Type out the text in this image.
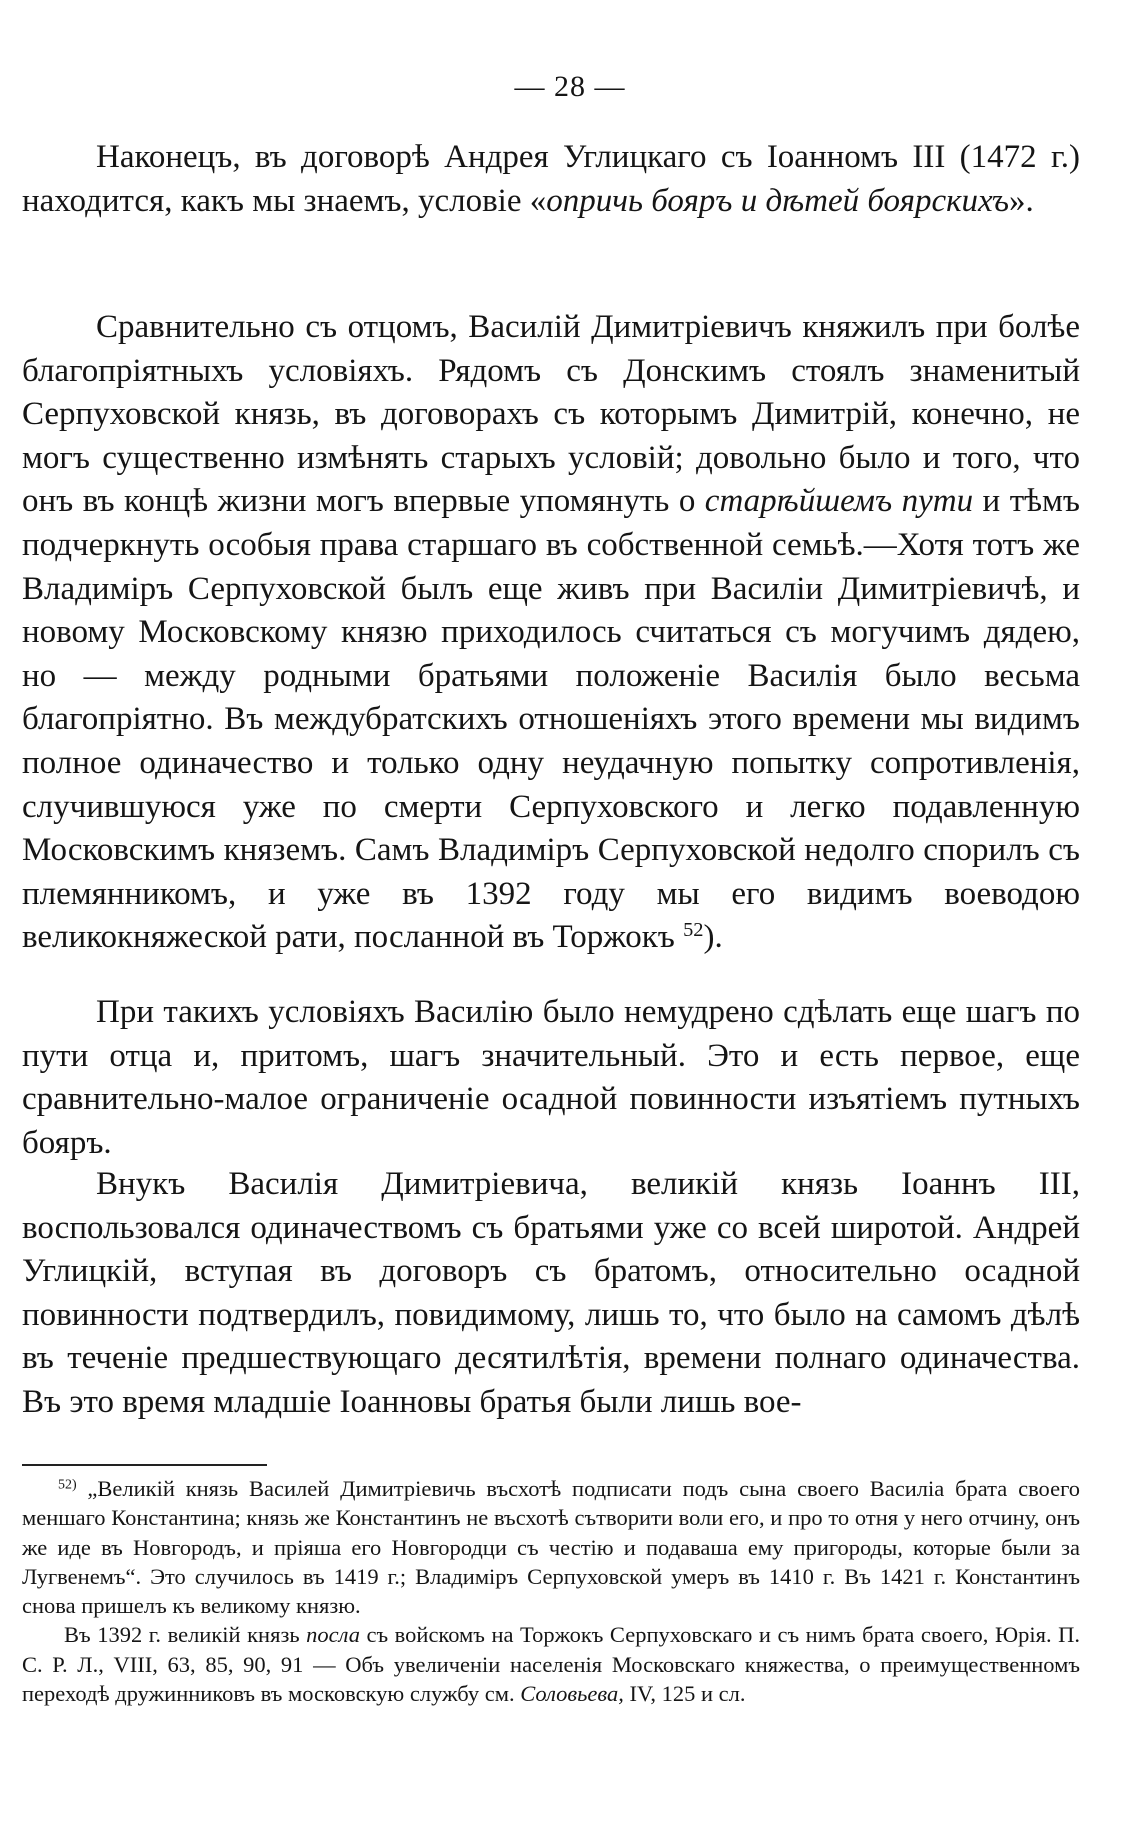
— 28 —

Наконецъ, въ договорѣ Андрея Углицкаго съ Іоанномъ III (1472 г.) находится, какъ мы знаемъ, условіе «опричь бояръ и дѣтей боярскихъ».

Сравнительно съ отцомъ, Василій Димитріевичъ княжилъ при болѣе благопріятныхъ условіяхъ. Рядомъ съ Донскимъ стоялъ знаменитый Серпуховской князь, въ договорахъ съ которымъ Димитрій, конечно, не могъ существенно измѣнять старыхъ условій; довольно было и того, что онъ въ концѣ жизни могъ впервые упомянуть о старѣйшемъ пути и тѣмъ подчеркнуть особыя права старшаго въ собственной семьѣ.—Хотя тотъ же Владиміръ Серпуховской былъ еще живъ при Василіи Димитріевичѣ, и новому Московскому князю приходилось считаться съ могучимъ дядею, но — между родными братьями положеніе Василія было весьма благопріятно. Въ междубратскихъ отношеніяхъ этого времени мы видимъ полное одиначество и только одну неудачную попытку сопротивленія, случившуюся уже по смерти Серпуховского и легко подавленную Московскимъ княземъ. Самъ Владиміръ Серпуховской недолго спорилъ съ племянникомъ, и уже въ 1392 году мы его видимъ воеводою великокняжеской рати, посланной въ Торжокъ $^{52}$).

При такихъ условіяхъ Василію было немудрено сдѣлать еще шагъ по пути отца и, притомъ, шагъ значительный. Это и есть первое, еще сравнительно-малое ограниченіе осадной повинности изъятіемъ путныхъ бояръ.

Внукъ Василія Димитріевича, великій князь Іоаннъ III, воспользовался одиначествомъ съ братьями уже со всей широтой. Андрей Углицкій, вступая въ договоръ съ братомъ, относительно осадной повинности подтвердилъ, повидимому, лишь то, что было на самомъ дѣлѣ въ теченіе предшествующаго десятилѣтія, времени полнаго одиначества. Въ это время младшіе Іоанновы братья были лишь вое-

$^{52)}$ „Великій князь Василей Димитріевичь въсхотѣ подписати подъ сына своего Василіа брата своего меншаго Константина; князь же Константинъ не въсхотѣ сътворити воли его, и про то отня у него отчину, онъ же иде въ Новгородъ, и пріяша его Новгородци съ честію и подаваша ему пригороды, которые были за Лугвенемъ“. Это случилось въ 1419 г.; Владиміръ Серпуховской умеръ въ 1410 г. Въ 1421 г. Константинъ снова пришелъ къ великому князю.

Въ 1392 г. великій князь посла съ войскомъ на Торжокъ Серпуховскаго и съ нимъ брата своего, Юрія. П. С. Р. Л., VIII, 63, 85, 90, 91 — Объ увеличеніи населенія Московскаго княжества, о преимущественномъ переходѣ дружинниковъ въ московскую службу см. Соловьева, IV, 125 и сл.
